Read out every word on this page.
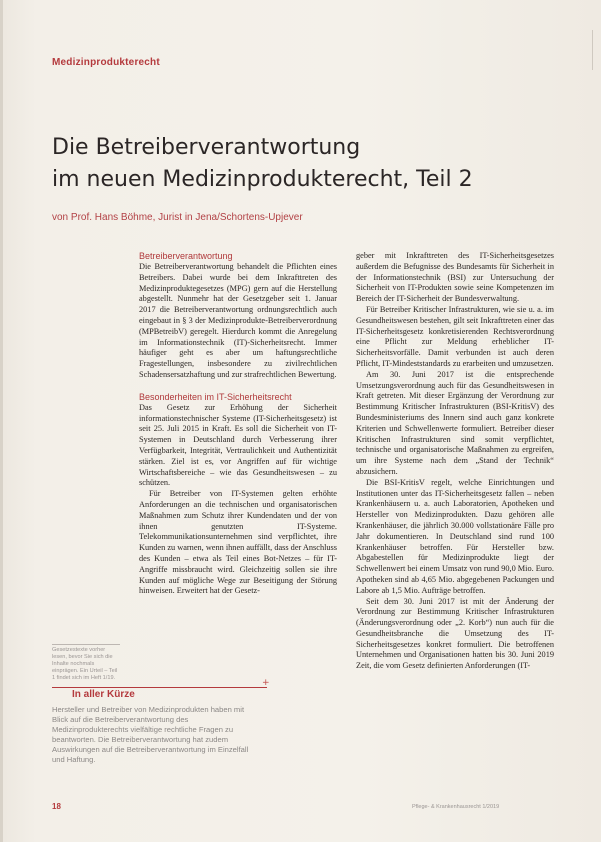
Medizinprodukterecht
Die Betreiberverantwortung
im neuen Medizinprodukterecht, Teil 2
von Prof. Hans Böhme, Jurist in Jena/Schortens-Upjever
Betreiberverantwortung

Die Betreiberverantwortung behandelt die Pflichten eines Betreibers. Dabei wurde bei dem Inkrafttreten des Medizinproduktegesetzes (MPG) gern auf die Herstellung abgestellt. Nunmehr hat der Gesetzgeber seit 1. Januar 2017 die Betreiberverantwortung ordnungsrechtlich auch eingebaut in § 3 der Medizinprodukte-Betreiberverordnung (MPBetreibV) geregelt. Hierdurch kommt die Anregelung im Informationstechnik (IT)-Sicherheitsrecht. Immer häufiger geht es aber um haftungsrechtliche Fragestellungen, insbesondere zu zivilrechtlichen Schadensersatzhaftung und zur strafrechtlichen Bewertung.

Besonderheiten im IT-Sicherheitsrecht

Das Gesetz zur Erhöhung der Sicherheit informationstechnischer Systeme (IT-Sicherheitsgesetz) ist seit 25. Juli 2015 in Kraft. Es soll die Sicherheit von IT-Systemen in Deutschland durch Verbesserung ihrer Verfügbarkeit, Integrität, Vertraulichkeit und Authentizität stärken. Ziel ist es, vor Angriffen auf für wichtige Wirtschaftsbereiche – wie das Gesundheitswesen – zu schützen.

Für Betreiber von IT-Systemen gelten erhöhte Anforderungen an die technischen und organisatorischen Maßnahmen zum Schutz ihrer Kundendaten und der von ihnen genutzten IT-Systeme. Telekommunikationsunternehmen sind verpflichtet, ihre Kunden zu warnen, wenn ihnen auffällt, dass der Anschluss des Kunden – etwa als Teil eines Bot-Netzes – für IT-Angriffe missbraucht wird. Gleichzeitig sollen sie ihre Kunden auf mögliche Wege zur Beseitigung der Störung hinweisen. Erweitert hat der Gesetz-

geber mit Inkrafttreten des IT-Sicherheitsgesetzes außerdem die Befugnisse des Bundesamts für Sicherheit in der Informationstechnik (BSI) zur Untersuchung der Sicherheit von IT-Produkten sowie seine Kompetenzen im Bereich der IT-Sicherheit der Bundesverwaltung.

Für Betreiber Kritischer Infrastrukturen, wie sie u. a. im Gesundheitswesen bestehen, gilt seit Inkrafttreten einer das IT-Sicherheitsgesetz konkretisierenden Rechtsverordnung eine Pflicht zur Meldung erheblicher IT-Sicherheitsvorfälle. Damit verbunden ist auch deren Pflicht, IT-Mindeststandards zu erarbeiten und umzusetzen.

Am 30. Juni 2017 ist die entsprechende Umsetzungsverordnung auch für das Gesundheitswesen in Kraft getreten. Mit dieser Ergänzung der Verordnung zur Bestimmung Kritischer Infrastrukturen (BSI-KritisV) des Bundesministeriums des Innern sind auch ganz konkrete Kriterien und Schwellenwerte formuliert. Betreiber dieser Kritischen Infrastrukturen sind somit verpflichtet, technische und organisatorische Maßnahmen zu ergreifen, um ihre Systeme nach dem „Stand der Technik“ abzusichern.

Die BSI-KritisV regelt, welche Einrichtungen und Institutionen unter das IT-Sicherheitsgesetz fallen – neben Krankenhäusern u. a. auch Laboratorien, Apotheken und Hersteller von Medizinprodukten. Dazu gehören alle Krankenhäuser, die jährlich 30.000 vollstationäre Fälle pro Jahr dokumentieren. In Deutschland sind rund 100 Krankenhäuser betroffen. Für Hersteller bzw. Abgabestellen für Medizinprodukte liegt der Schwellenwert bei einem Umsatz von rund 90,0 Mio. Euro. Apotheken sind ab 4,65 Mio. abgegebenen Packungen und Labore ab 1,5 Mio. Aufträge betroffen.

Seit dem 30. Juni 2017 ist mit der Änderung der Verordnung zur Bestimmung Kritischer Infrastrukturen (Änderungsverordnung oder „2. Korb“) nun auch für die Gesundheitsbranche die Umsetzung des IT-Sicherheitsgesetzes konkret formuliert. Die betroffenen Unternehmen und Organisationen hatten bis 30. Juni 2019 Zeit, die vom Gesetz definierten Anforderungen (IT-

Gesetzestexte vorher lesen, bevor Sie sich die Inhalte nochmals einprägen. Ein Urteil – Teil 1 findet sich im Heft 1/19.	+
In aller Kürze
Hersteller und Betreiber von Medizinprodukten haben mit Blick auf die Betreiberverantwortung des Medizinprodukterechts vielfältige rechtliche Fragen zu beantworten. Die Betreiberverantwortung hat zudem Auswirkungen auf die Betreiberverantwortung im Einzelfall und Haftung.
18	Pflege- & Krankenhausrecht 1/2019
